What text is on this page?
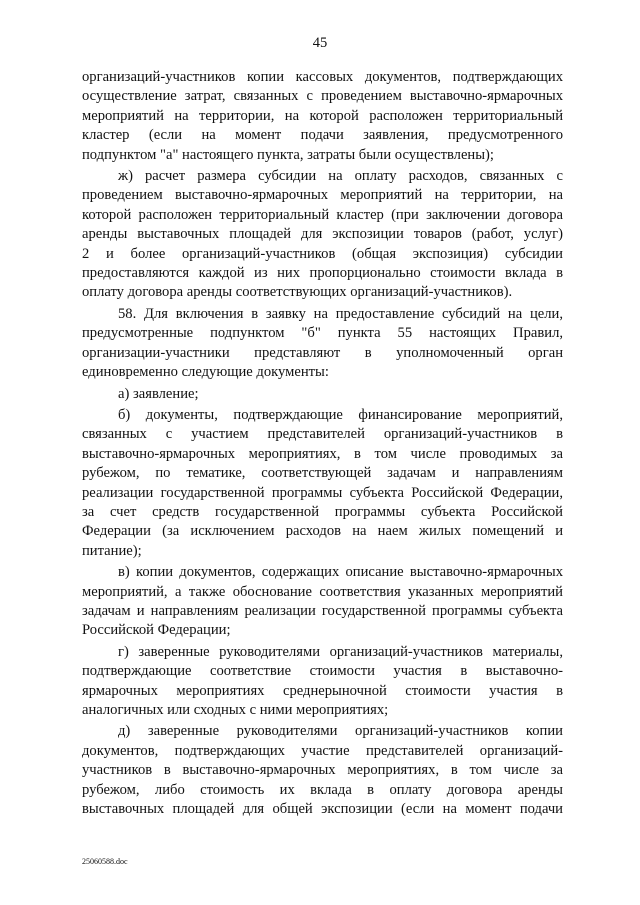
45
организаций-участников копии кассовых документов, подтверждающих
осуществление затрат, связанных с проведением выставочно-ярмарочных
мероприятий на территории, на которой расположен территориальный
кластер (если на момент подачи заявления, предусмотренного
подпунктом "а" настоящего пункта, затраты были осуществлены);
ж) расчет размера субсидии на оплату расходов, связанных с
проведением выставочно-ярмарочных мероприятий на территории, на
которой расположен территориальный кластер (при заключении договора
аренды выставочных площадей для экспозиции товаров (работ, услуг)
2 и более организаций-участников (общая экспозиция) субсидии
предоставляются каждой из них пропорционально стоимости вклада в
оплату договора аренды соответствующих организаций-участников).
58. Для включения в заявку на предоставление субсидий на цели,
предусмотренные подпунктом "б" пункта 55 настоящих Правил,
организации-участники представляют в уполномоченный орган
единовременно следующие документы:
а) заявление;
б) документы, подтверждающие финансирование мероприятий,
связанных с участием представителей организаций-участников в
выставочно-ярмарочных мероприятиях, в том числе проводимых за
рубежом, по тематике, соответствующей задачам и направлениям
реализации государственной программы субъекта Российской Федерации,
за счет средств государственной программы субъекта Российской
Федерации (за исключением расходов на наем жилых помещений и
питание);
в) копии документов, содержащих описание выставочно-ярмарочных
мероприятий, а также обоснование соответствия указанных мероприятий
задачам и направлениям реализации государственной программы субъекта
Российской Федерации;
г) заверенные руководителями организаций-участников материалы,
подтверждающие соответствие стоимости участия в выставочно-
ярмарочных мероприятиях среднерыночной стоимости участия в
аналогичных или сходных с ними мероприятиях;
д) заверенные руководителями организаций-участников копии
документов, подтверждающих участие представителей организаций-
участников в выставочно-ярмарочных мероприятиях, в том числе за
рубежом, либо стоимость их вклада в оплату договора аренды
выставочных площадей для общей экспозиции (если на момент подачи
25060588.doc
